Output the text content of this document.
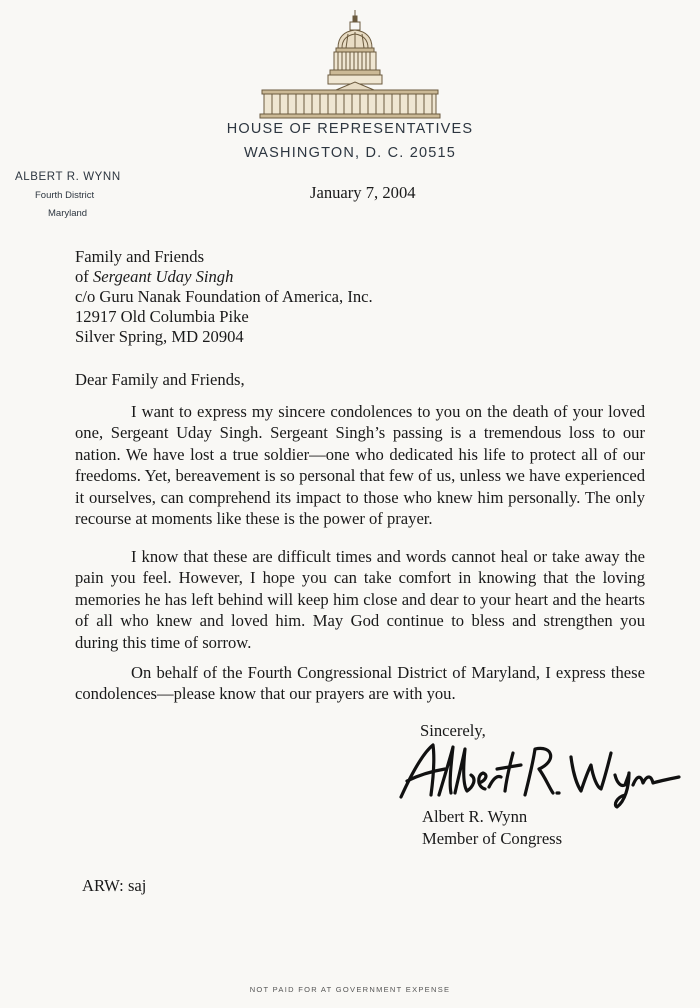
HOUSE OF REPRESENTATIVES
WASHINGTON, D. C. 20515
ALBERT R. WYNN
Fourth District
Maryland
January 7, 2004
Family and Friends
of Sergeant Uday Singh
c/o Guru Nanak Foundation of America, Inc.
12917 Old Columbia Pike
Silver Spring, MD 20904
Dear Family and Friends,

I want to express my sincere condolences to you on the death of your loved one, Sergeant Uday Singh. Sergeant Singh’s passing is a tremendous loss to our nation. We have lost a true soldier—one who dedicated his life to protect all of our freedoms. Yet, bereavement is so personal that few of us, unless we have experienced it ourselves, can comprehend its impact to those who knew him personally. The only recourse at moments like these is the power of prayer.

I know that these are difficult times and words cannot heal or take away the pain you feel. However, I hope you can take comfort in knowing that the loving memories he has left behind will keep him close and dear to your heart and the hearts of all who knew and loved him. May God continue to bless and strengthen you during this time of sorrow.

On behalf of the Fourth Congressional District of Maryland, I express these condolences—please know that our prayers are with you.

Sincerely,
Albert R. Wynn
Member of Congress
ARW: saj
NOT PAID FOR AT GOVERNMENT EXPENSE
